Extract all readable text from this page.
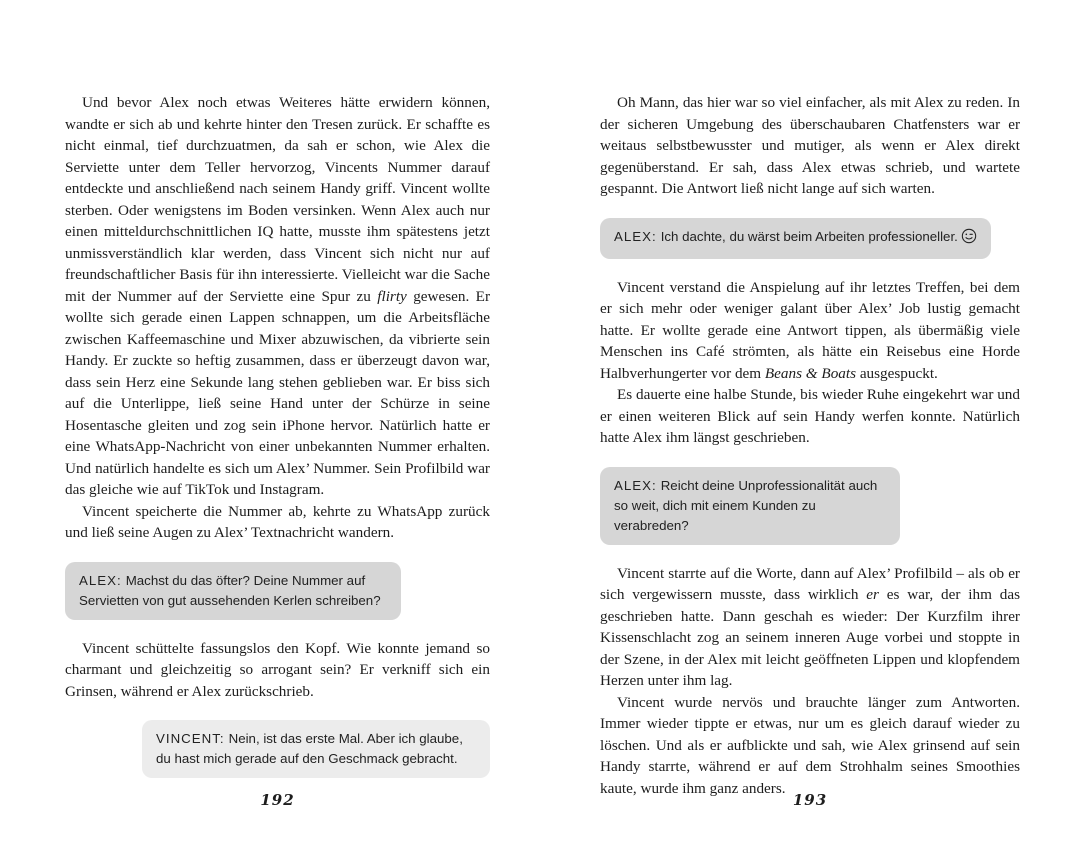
Und bevor Alex noch etwas Weiteres hätte erwidern können, wandte er sich ab und kehrte hinter den Tresen zurück. Er schaffte es nicht einmal, tief durchzuatmen, da sah er schon, wie Alex die Serviette unter dem Teller hervorzog, Vincents Nummer darauf entdeckte und anschließend nach seinem Handy griff. Vincent wollte sterben. Oder wenigstens im Boden versinken. Wenn Alex auch nur einen mitteldurchschnittlichen IQ hatte, musste ihm spätestens jetzt unmissverständlich klar werden, dass Vincent sich nicht nur auf freundschaftlicher Basis für ihn interessierte. Vielleicht war die Sache mit der Nummer auf der Serviette eine Spur zu flirty gewesen. Er wollte sich gerade einen Lappen schnappen, um die Arbeitsfläche zwischen Kaffeemaschine und Mixer abzuwischen, da vibrierte sein Handy. Er zuckte so heftig zusammen, dass er überzeugt davon war, dass sein Herz eine Sekunde lang stehen geblieben war. Er biss sich auf die Unterlippe, ließ seine Hand unter der Schürze in seine Hosentasche gleiten und zog sein iPhone hervor. Natürlich hatte er eine WhatsApp-Nachricht von einer unbekannten Nummer erhalten. Und natürlich handelte es sich um Alex’ Nummer. Sein Profilbild war das gleiche wie auf TikTok und Instagram.

Vincent speicherte die Nummer ab, kehrte zu WhatsApp zurück und ließ seine Augen zu Alex’ Textnachricht wandern.

ALEX: Machst du das öfter? Deine Nummer auf Servietten von gut aussehenden Kerlen schreiben?

Vincent schüttelte fassungslos den Kopf. Wie konnte jemand so charmant und gleichzeitig so arrogant sein? Er verkniff sich ein Grinsen, während er Alex zurückschrieb.

VINCENT: Nein, ist das erste Mal. Aber ich glaube, du hast mich gerade auf den Geschmack gebracht.
192

Oh Mann, das hier war so viel einfacher, als mit Alex zu reden. In der sicheren Umgebung des überschaubaren Chatfensters war er weitaus selbstbewusster und mutiger, als wenn er Alex direkt gegenüberstand. Er sah, dass Alex etwas schrieb, und wartete gespannt. Die Antwort ließ nicht lange auf sich warten.

ALEX: Ich dachte, du wärst beim Arbeiten professioneller.

Vincent verstand die Anspielung auf ihr letztes Treffen, bei dem er sich mehr oder weniger galant über Alex’ Job lustig gemacht hatte. Er wollte gerade eine Antwort tippen, als übermäßig viele Menschen ins Café strömten, als hätte ein Reisebus eine Horde Halbverhungerter vor dem Beans & Boats ausgespuckt.

Es dauerte eine halbe Stunde, bis wieder Ruhe eingekehrt war und er einen weiteren Blick auf sein Handy werfen konnte. Natürlich hatte Alex ihm längst geschrieben.

ALEX: Reicht deine Unprofessionalität auch so weit, dich mit einem Kunden zu verabreden?

Vincent starrte auf die Worte, dann auf Alex’ Profilbild – als ob er sich vergewissern musste, dass wirklich er es war, der ihm das geschrieben hatte. Dann geschah es wieder: Der Kurzfilm ihrer Kissenschlacht zog an seinem inneren Auge vorbei und stoppte in der Szene, in der Alex mit leicht geöffneten Lippen und klopfendem Herzen unter ihm lag.

Vincent wurde nervös und brauchte länger zum Antworten. Immer wieder tippte er etwas, nur um es gleich darauf wieder zu löschen. Und als er aufblickte und sah, wie Alex grinsend auf sein Handy starrte, während er auf dem Strohhalm seines Smoothies kaute, wurde ihm ganz anders.

193
